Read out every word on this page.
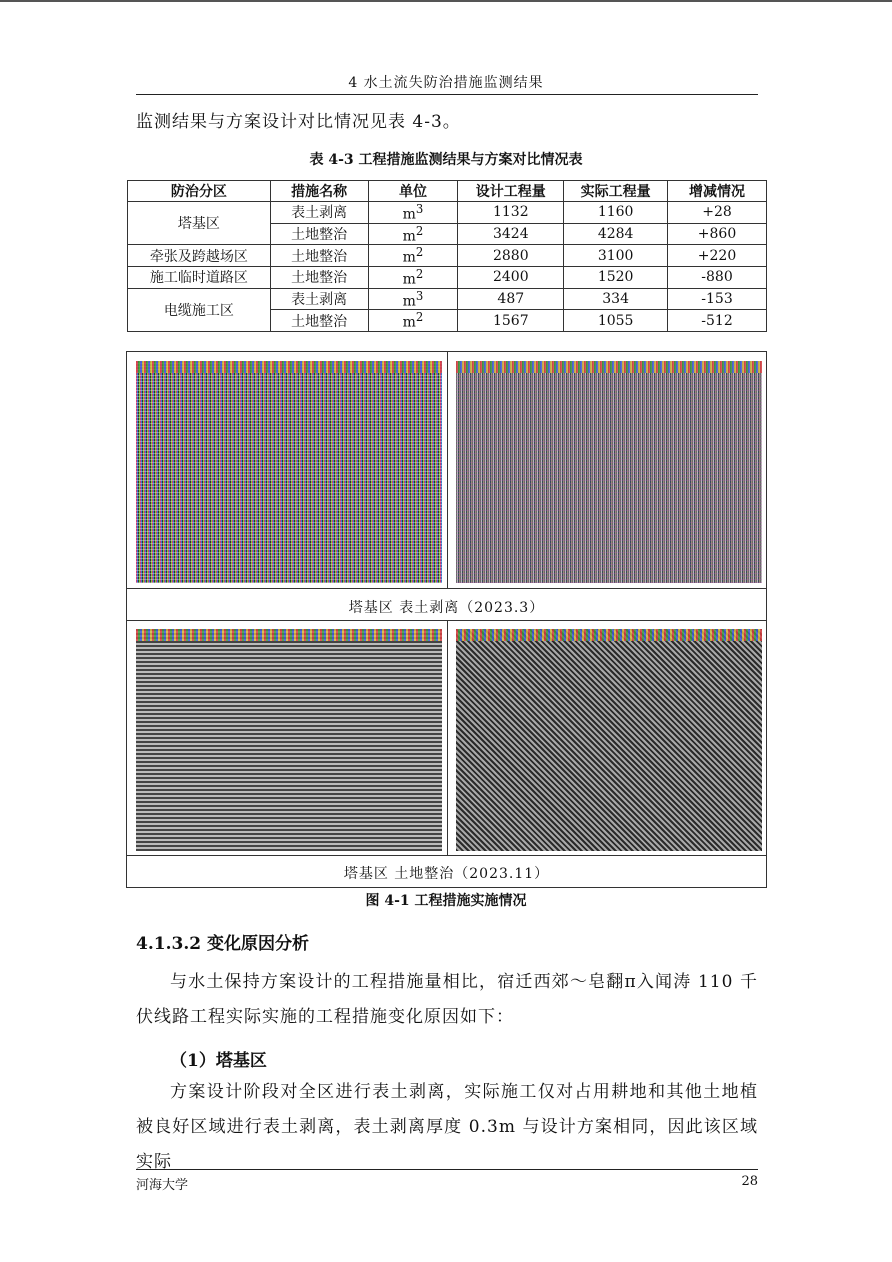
4 水土流失防治措施监测结果
监测结果与方案设计对比情况见表 4-3。
表 4-3 工程措施监测结果与方案对比情况表
防治分区	措施名称	单位	设计工程量	实际工程量	增减情况
塔基区	表土剥离	$m^3$	1132	1160	+28
	土地整治	$m^2$	3424	4284	+860
牵张及跨越场区	土地整治	$m^2$	2880	3100	+220
施工临时道路区	土地整治	$m^2$	2400	1520	-880
电缆施工区	表土剥离	$m^3$	487	334	-153
	土地整治	$m^2$	1567	1055	-512
塔基区 表土剥离（2023.3）
塔基区 土地整治（2023.11）
图 4-1 工程措施实施情况
4.1.3.2 变化原因分析
与水土保持方案设计的工程措施量相比，宿迁西郊～皂翻π入闻涛 110 千伏线路工程实际实施的工程措施变化原因如下：
（1）塔基区
方案设计阶段对全区进行表土剥离，实际施工仅对占用耕地和其他土地植被良好区域进行表土剥离，表土剥离厚度 0.3m 与设计方案相同，因此该区域实际
河海大学	28
